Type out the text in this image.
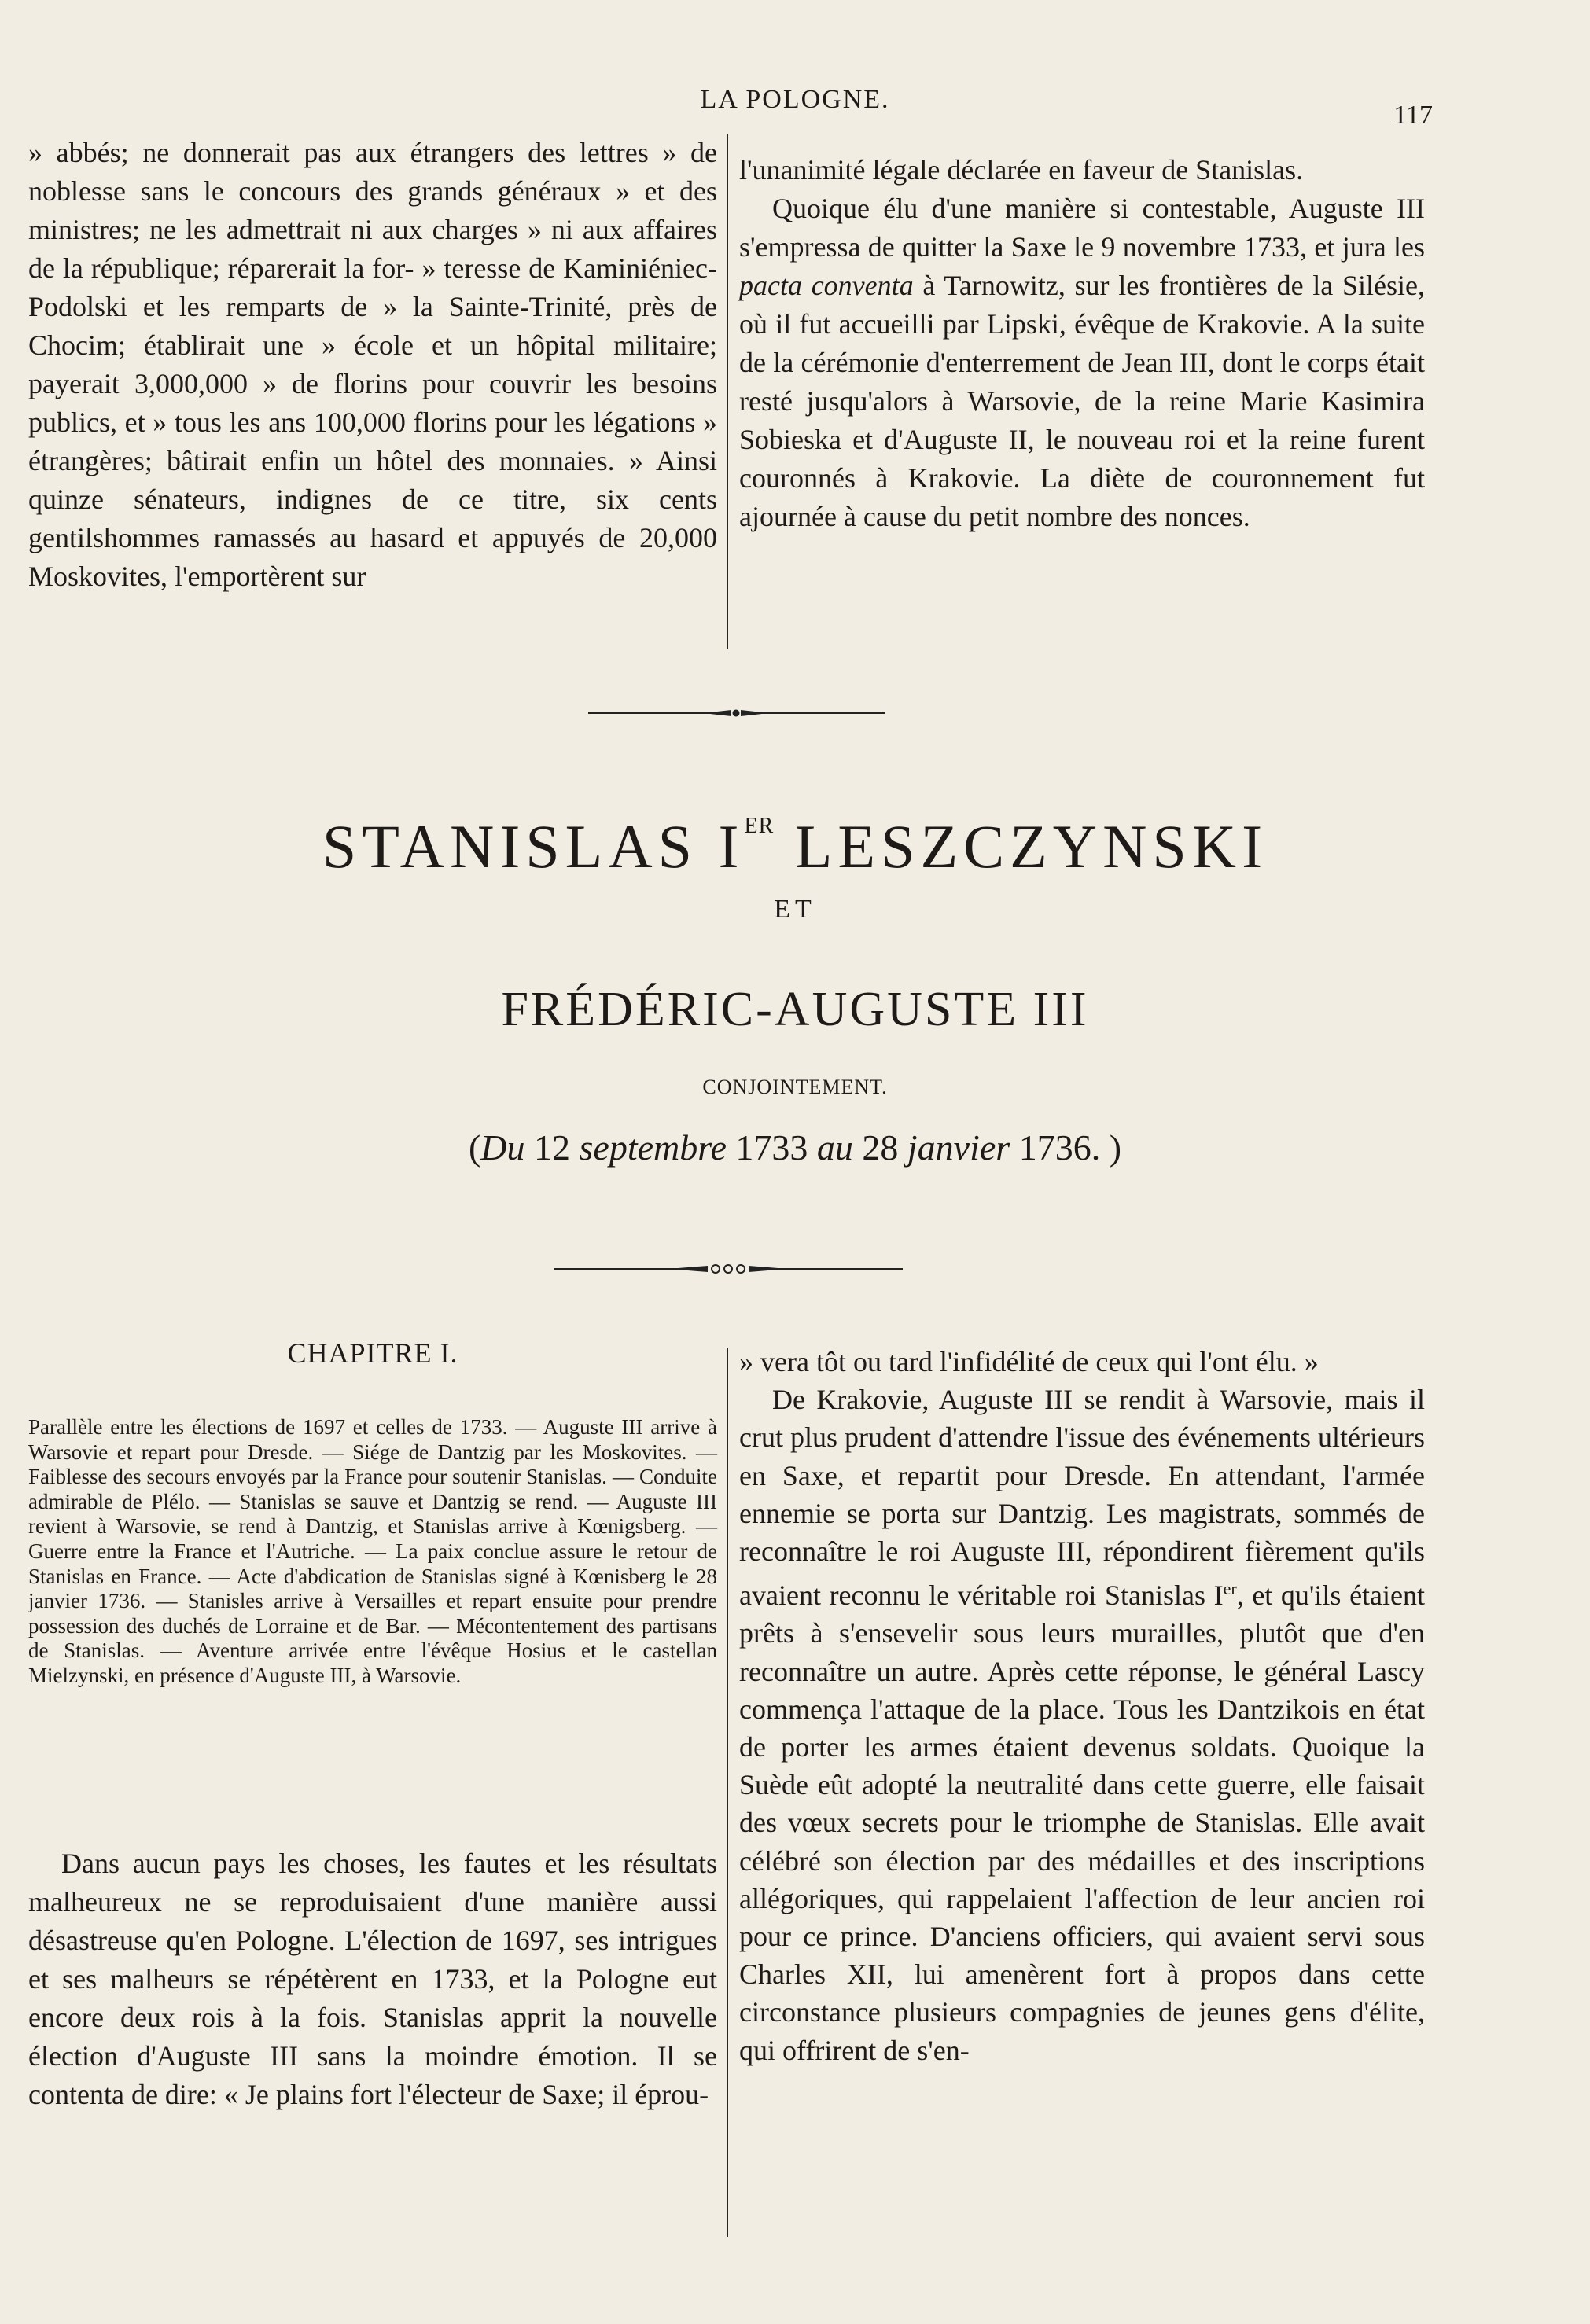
LA POLOGNE.
117

» abbés; ne donnerait pas aux étrangers des lettres » de noblesse sans le concours des grands généraux » et des ministres; ne les admettrait ni aux charges » ni aux affaires de la république; réparerait la for- » teresse de Kaminiéniec-Podolski et les remparts de » la Sainte-Trinité, près de Chocim; établirait une » école et un hôpital militaire; payerait 3,000,000 » de florins pour couvrir les besoins publics, et » tous les ans 100,000 florins pour les légations » étrangères; bâtirait enfin un hôtel des monnaies. » Ainsi quinze sénateurs, indignes de ce titre, six cents gentilshommes ramassés au hasard et appuyés de 20,000 Moskovites, l'emportèrent sur

l'unanimité légale déclarée en faveur de Stanislas.

Quoique élu d'une manière si contestable, Auguste III s'empressa de quitter la Saxe le 9 novembre 1733, et jura les pacta conventa à Tarnowitz, sur les frontières de la Silésie, où il fut accueilli par Lipski, évêque de Krakovie. A la suite de la cérémonie d'enterrement de Jean III, dont le corps était resté jusqu'alors à Warsovie, de la reine Marie Kasimira Sobieska et d'Auguste II, le nouveau roi et la reine furent couronnés à Krakovie. La diète de couronnement fut ajournée à cause du petit nombre des nonces.

STANISLAS IER LESZCZYNSKI
ET
FRÉDÉRIC-AUGUSTE III
CONJOINTEMENT.
(Du 12 septembre 1733 au 28 janvier 1736. )
CHAPITRE I.

Parallèle entre les élections de 1697 et celles de 1733. — Auguste III arrive à Warsovie et repart pour Dresde. — Siége de Dantzig par les Moskovites. — Faiblesse des secours envoyés par la France pour soutenir Stanislas. — Conduite admirable de Plélo. — Stanislas se sauve et Dantzig se rend. — Auguste III revient à Warsovie, se rend à Dantzig, et Stanislas arrive à Kœnigsberg. — Guerre entre la France et l'Autriche. — La paix conclue assure le retour de Stanislas en France. — Acte d'abdication de Stanislas signé à Kœnisberg le 28 janvier 1736. — Stanisles arrive à Versailles et repart ensuite pour prendre possession des duchés de Lorraine et de Bar. — Mécontentement des partisans de Stanislas. — Aventure arrivée entre l'évêque Hosius et le castellan Mielzynski, en présence d'Auguste III, à Warsovie.

Dans aucun pays les choses, les fautes et les résultats malheureux ne se reproduisaient d'une manière aussi désastreuse qu'en Pologne. L'élection de 1697, ses intrigues et ses malheurs se répétèrent en 1733, et la Pologne eut encore deux rois à la fois. Stanislas apprit la nouvelle élection d'Auguste III sans la moindre émotion. Il se contenta de dire: « Je plains fort l'électeur de Saxe; il éprou-

» vera tôt ou tard l'infidélité de ceux qui l'ont élu. »

De Krakovie, Auguste III se rendit à Warsovie, mais il crut plus prudent d'attendre l'issue des événements ultérieurs en Saxe, et repartit pour Dresde. En attendant, l'armée ennemie se porta sur Dantzig. Les magistrats, sommés de reconnaître le roi Auguste III, répondirent fièrement qu'ils avaient reconnu le véritable roi Stanislas Ier, et qu'ils étaient prêts à s'ensevelir sous leurs murailles, plutôt que d'en reconnaître un autre. Après cette réponse, le général Lascy commença l'attaque de la place. Tous les Dantzikois en état de porter les armes étaient devenus soldats. Quoique la Suède eût adopté la neutralité dans cette guerre, elle faisait des vœux secrets pour le triomphe de Stanislas. Elle avait célébré son élection par des médailles et des inscriptions allégoriques, qui rappelaient l'affection de leur ancien roi pour ce prince. D'anciens officiers, qui avaient servi sous Charles XII, lui amenèrent fort à propos dans cette circonstance plusieurs compagnies de jeunes gens d'élite, qui offrirent de s'en-
